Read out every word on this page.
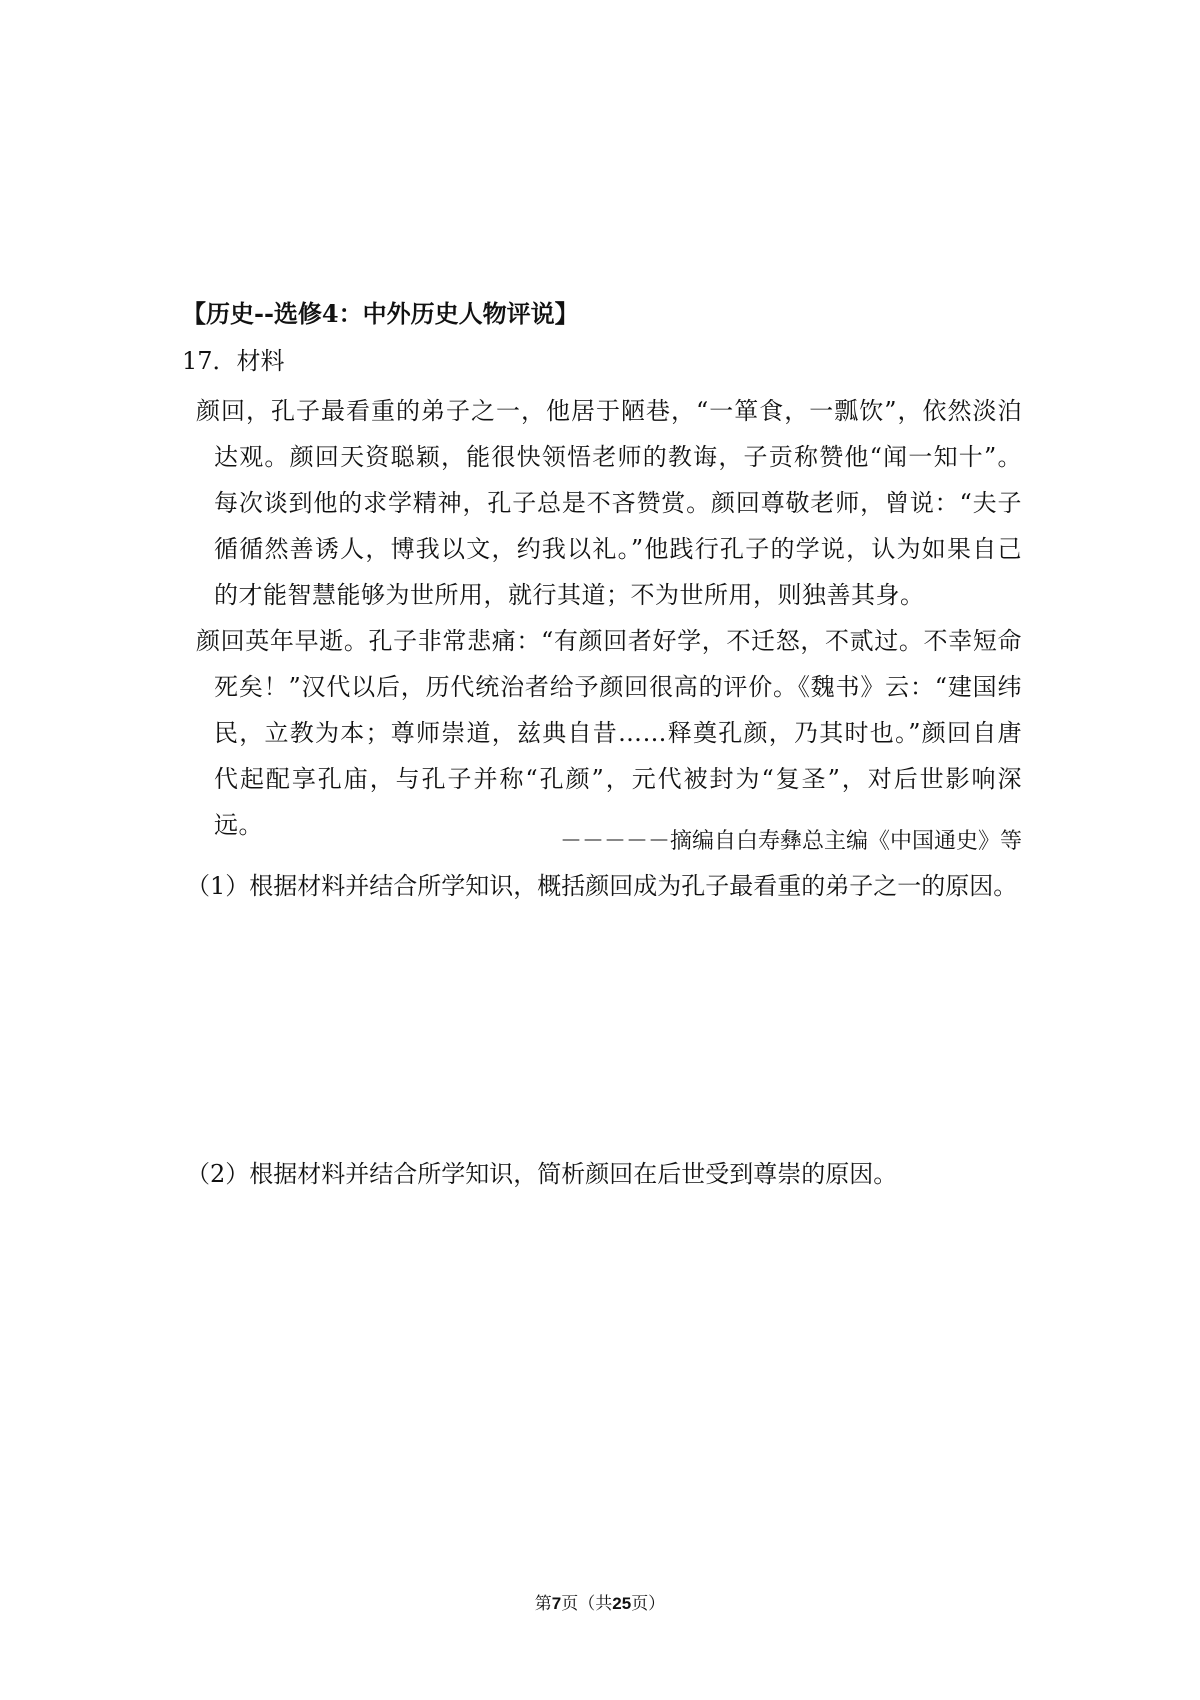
【历史--选修4：中外历史人物评说】
17．材料

颜回，孔子最看重的弟子之一，他居于陋巷，“一箪食，一瓢饮”，依然淡泊达观。颜回天资聪颖，能很快领悟老师的教诲，子贡称赞他“闻一知十”。每次谈到他的求学精神，孔子总是不吝赞赏。颜回尊敬老师，曾说：“夫子循循然善诱人，博我以文，约我以礼。”他践行孔子的学说，认为如果自己的才能智慧能够为世所用，就行其道；不为世所用，则独善其身。

颜回英年早逝。孔子非常悲痛：“有颜回者好学，不迁怒，不贰过。不幸短命死矣！”汉代以后，历代统治者给予颜回很高的评价。《魏书》云：“建国纬民，立教为本；尊师崇道，兹典自昔……释奠孔颜，乃其时也。”颜回自唐代起配享孔庙，与孔子并称“孔颜”，元代被封为“复圣”，对后世影响深远。

－－－－－摘编自白寿彝总主编《中国通史》等
（1）根据材料并结合所学知识，概括颜回成为孔子最看重的弟子之一的原因。
（2）根据材料并结合所学知识，简析颜回在后世受到尊崇的原因。
第7页（共25页）
